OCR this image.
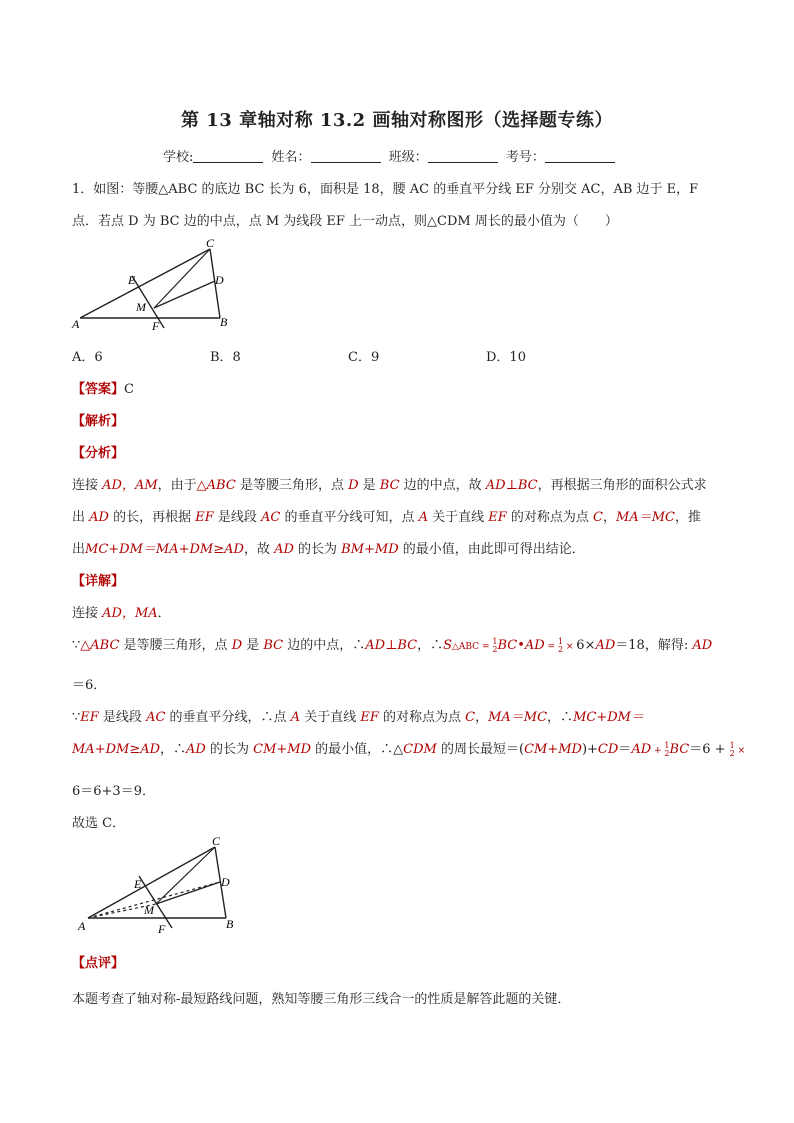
第 13 章轴对称 13.2 画轴对称图形（选择题专练）
学校:	姓名：	班级：	考号：
1．如图：等腰△ABC 的底边 BC 长为 6，面积是 18，腰 AC 的垂直平分线 EF 分别交 AC，AB 边于 E，F
点．若点 D 为 BC 边的中点，点 M 为线段 EF 上一动点，则△CDM 周长的最小值为（　　）
A	B
C
D
E
F
M
A．6	B．8	C．9	D．10
【答案】C
【解析】
【分析】
连接 AD，AM，由于△ABC 是等腰三角形，点 D 是 BC 边的中点，故 AD⊥BC，再根据三角形的面积公式求
出 AD 的长，再根据 EF 是线段 AC 的垂直平分线可知，点 A 关于直线 EF 的对称点为点 C，MA＝MC，推
出MC+DM＝MA+DM≥AD，故 AD 的长为 BM+MD 的最小值，由此即可得出结论．
【详解】
连接 AD，MA．
∵△ABC 是等腰三角形，点 D 是 BC 边的中点，∴AD⊥BC，∴S△ABC = 1
2BC•AD = 1
2 × 6×AD＝18，解得: AD
＝6．
∵EF 是线段 AC 的垂直平分线，∴点 A 关于直线 EF 的对称点为点 C，MA＝MC，∴MC+DM＝
MA+DM≥AD，∴AD 的长为 CM+MD 的最小值，∴△CDM 的周长最短＝(CM+MD)+CD＝AD + 1
2BC＝6 + 1
2 ×
6＝6+3＝9．
故选 C．
A	B
C
D
E
F
M
【点评】
本题考查了轴对称-最短路线问题，熟知等腰三角形三线合一的性质是解答此题的关键．
